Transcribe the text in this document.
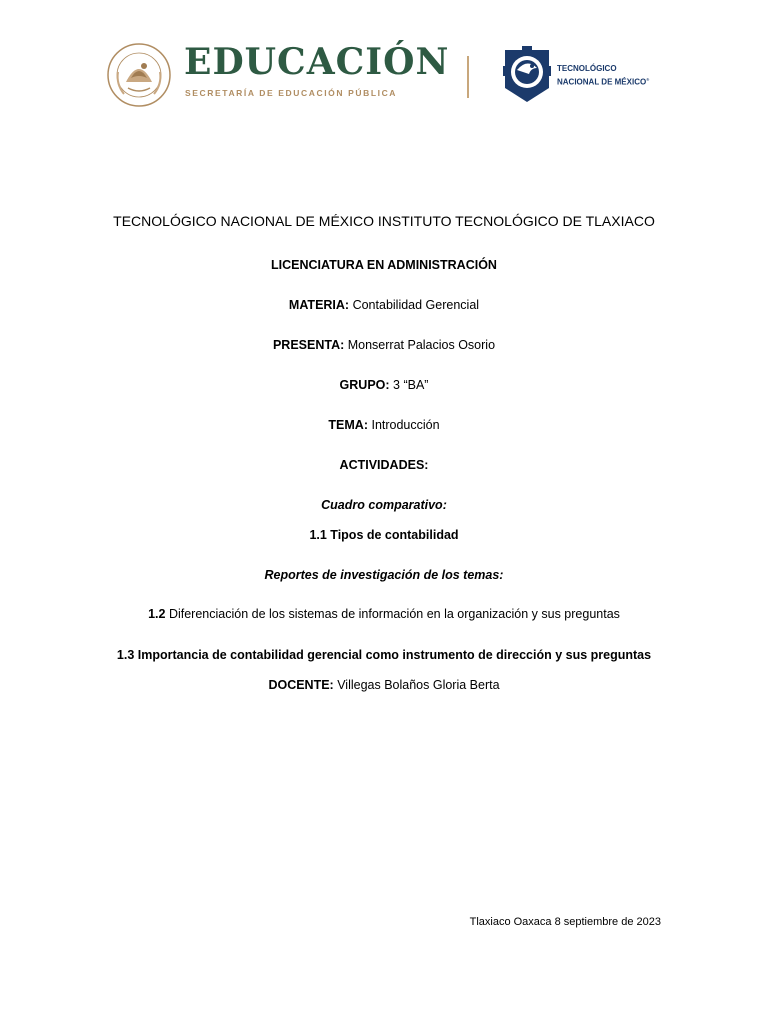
EDUCACIÓN
SECRETARÍA DE EDUCACIÓN PÚBLICA
TECNOLÓGICO
NACIONAL DE MÉXICO®
TECNOLÓGICO NACIONAL DE MÉXICO INSTITUTO TECNOLÓGICO DE TLAXIACO
LICENCIATURA EN ADMINISTRACIÓN
MATERIA: Contabilidad Gerencial
PRESENTA: Monserrat Palacios Osorio
GRUPO: 3 “BA”
TEMA: Introducción
ACTIVIDADES:
Cuadro comparativo:
1.1 Tipos de contabilidad
Reportes de investigación de los temas:
1.2 Diferenciación de los sistemas de información en la organización y sus preguntas
1.3 Importancia de contabilidad gerencial como instrumento de dirección y sus preguntas
DOCENTE: Villegas Bolaños Gloria Berta
Tlaxiaco Oaxaca 8 septiembre de 2023
